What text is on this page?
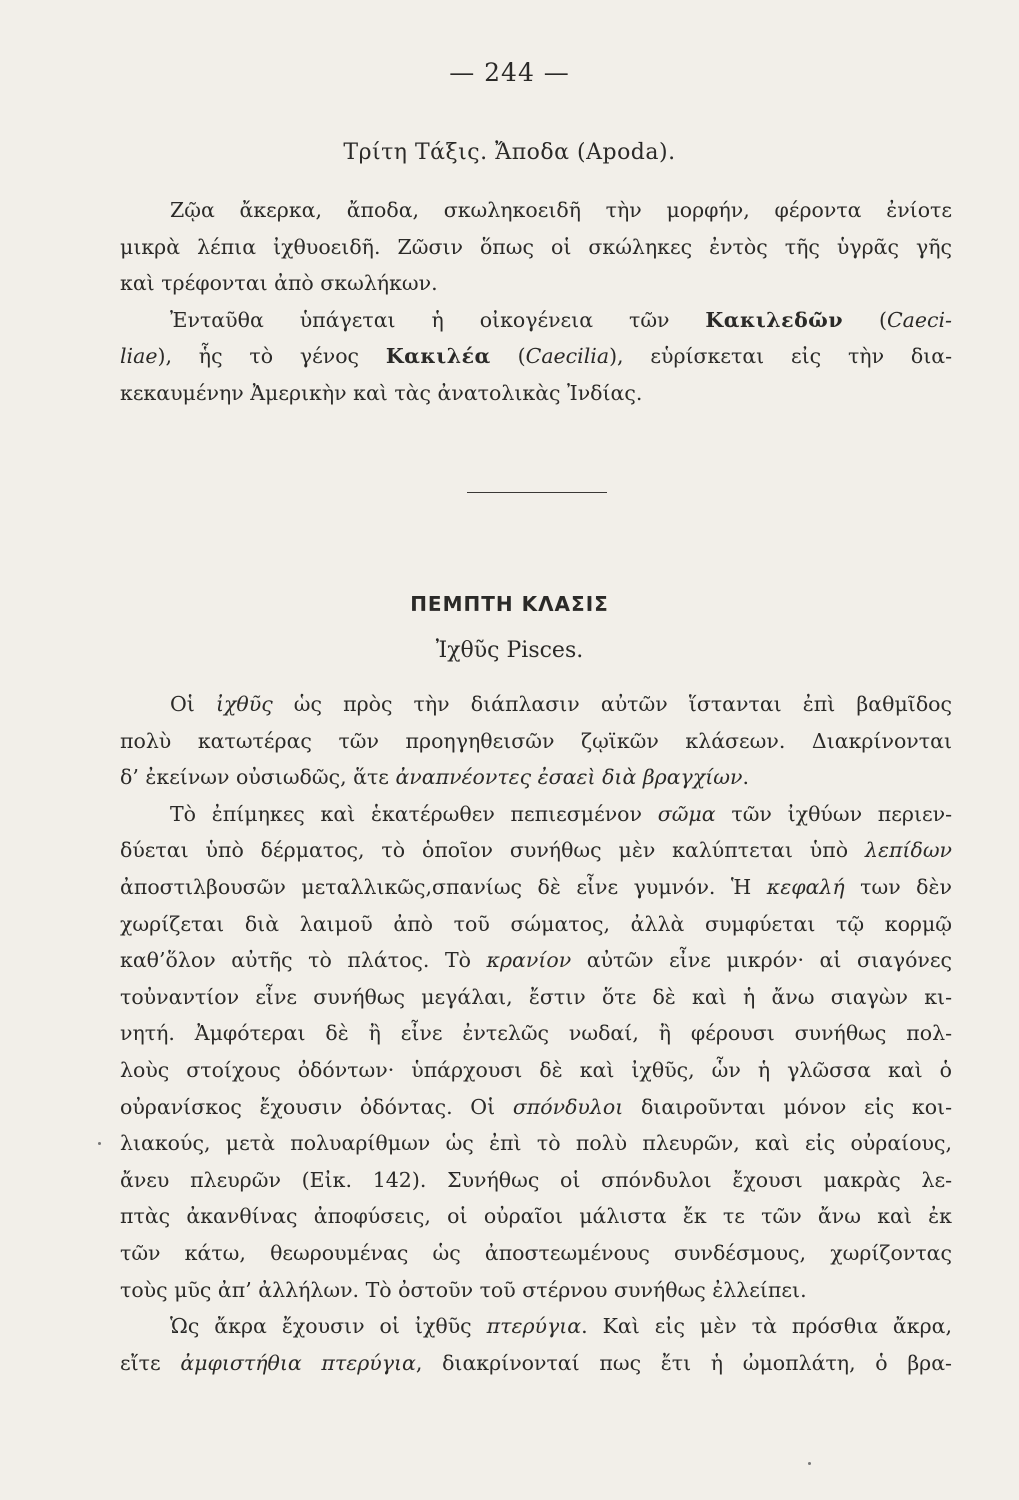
— 244 —
Τρίτη Τάξις. Ἄποδα (Apoda).
Ζῷα ἄκερκα, ἄποδα, σκωληκοειδῆ τὴν μορφήν, φέροντα ἐνίοτε
μικρὰ λέπια ἰχθυοειδῆ. Ζῶσιν ὅπως οἱ σκώληκες ἐντὸς τῆς ὑγρᾶς γῆς
καὶ τρέφονται ἀπὸ σκωλήκων.
Ἐνταῦθα ὑπάγεται ἡ οἰκογένεια τῶν Κακιλεδῶν (Caeci-
liae), ἧς τὸ γένος Κακιλέα (Caecilia), εὑρίσκεται εἰς τὴν δια-
κεκαυμένην Ἀμερικὴν καὶ τὰς ἀνατολικὰς Ἰνδίας.
ΠΕΜΠΤΗ ΚΛΑΣΙΣ
Ἰχθῦς Pisces.
Οἱ ἰχθῦς ὡς πρὸς τὴν διάπλασιν αὐτῶν ἵστανται ἐπὶ βαθμῖδος
πολὺ κατωτέρας τῶν προηγηθεισῶν ζῳϊκῶν κλάσεων. Διακρίνονται
δ’ ἐκείνων οὐσιωδῶς, ἅτε ἀναπνέοντες ἐσαεὶ διὰ βραγχίων.
Τὸ ἐπίμηκες καὶ ἑκατέρωθεν πεπιεσμένον σῶμα τῶν ἰχθύων περιεν-
δύεται ὑπὸ δέρματος, τὸ ὁποῖον συνήθως μὲν καλύπτεται ὑπὸ λεπίδων
ἀποστιλβουσῶν μεταλλικῶς,σπανίως δὲ εἶνε γυμνόν. Ἡ κεφαλή των δὲν
χωρίζεται διὰ λαιμοῦ ἀπὸ τοῦ σώματος, ἀλλὰ συμφύεται τῷ κορμῷ
καθ’ὅλον αὐτῆς τὸ πλάτος. Τὸ κρανίον αὐτῶν εἶνε μικρόν· αἱ σιαγόνες
τοὐναντίον εἶνε συνήθως μεγάλαι, ἔστιν ὅτε δὲ καὶ ἡ ἄνω σιαγὼν κι-
νητή. Ἀμφότεραι δὲ ἢ εἶνε ἐντελῶς νωδαί, ἢ φέρουσι συνήθως πολ-
λοὺς στοίχους ὀδόντων· ὑπάρχουσι δὲ καὶ ἰχθῦς, ὧν ἡ γλῶσσα καὶ ὁ
οὐρανίσκος ἔχουσιν ὀδόντας. Οἱ σπόνδυλοι διαιροῦνται μόνον εἰς κοι-
λιακούς, μετὰ πολυαρίθμων ὡς ἐπὶ τὸ πολὺ πλευρῶν, καὶ εἰς οὐραίους,
ἄνευ πλευρῶν (Εἰκ. 142). Συνήθως οἱ σπόνδυλοι ἔχουσι μακρὰς λε-
πτὰς ἀκανθίνας ἀποφύσεις, οἱ οὐραῖοι μάλιστα ἔκ τε τῶν ἄνω καὶ ἐκ
τῶν κάτω, θεωρουμένας ὡς ἀποστεωμένους συνδέσμους, χωρίζοντας
τοὺς μῦς ἀπ’ ἀλλήλων. Τὸ ὀστοῦν τοῦ στέρνου συνήθως ἐλλείπει.
Ὡς ἄκρα ἔχουσιν οἱ ἰχθῦς πτερύγια. Καὶ εἰς μὲν τὰ πρόσθια ἄκρα,
εἴτε ἀμφιστήθια πτερύγια, διακρίνονταί πως ἔτι ἡ ὠμοπλάτη, ὁ βρα-
